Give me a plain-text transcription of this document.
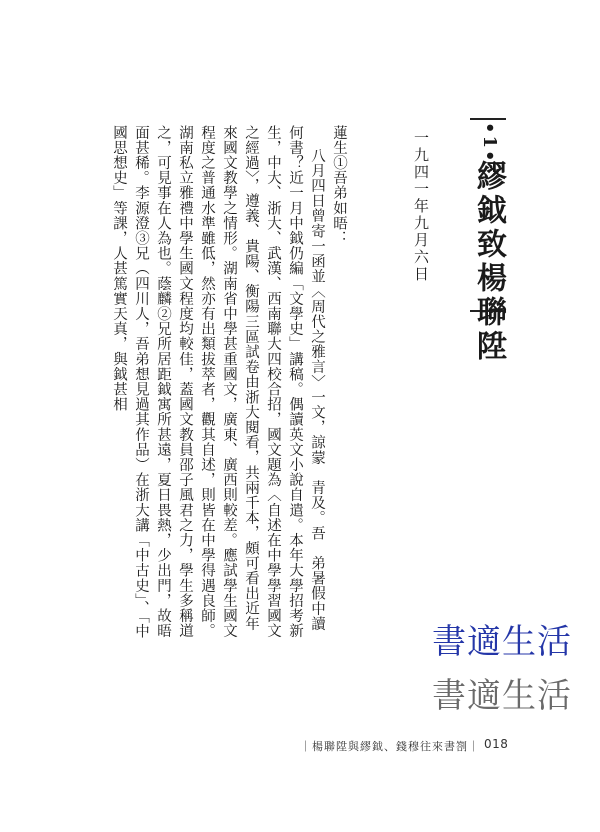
•1•
繆鉞致楊聯陞
一九四一年九月六日

蓮生①吾弟如晤：

八月四日曾寄一函並〈周代之雅言〉一文，諒蒙　青及。吾　弟暑假中讀何書？近一月中鉞仍編「文學史」講稿。偶讀英文小說自遣。本年大學招考新生，中大、浙大、武漢、西南聯大四校合招，國文題為〈自述在中學學習國文之經過〉，遵義、貴陽、衡陽三區試卷由浙大閱看，共兩千本，頗可看出近年來國文教學之情形。湖南省中學甚重國文，廣東、廣西則較差。應試學生國文程度之普通水準雖低，然亦有出類拔萃者，觀其自述，則皆在中學得遇良師。湖南私立雅禮中學生國文程度均較佳，蓋國文教員邵子風君之力，學生多稱道之，可見事在人為也。蔭麟②兄所居距鉞寓所甚遠，夏日畏熱，少出門，故晤面甚稀。李源澄③兄（四川人，吾弟想見過其作品）在浙大講「中古史」、「中國思想史」等課，人甚篤實天真，與鉞甚相

書適生活
書適生活
｜楊聯陞與繆鉞、錢穆往來書劄｜ 018
